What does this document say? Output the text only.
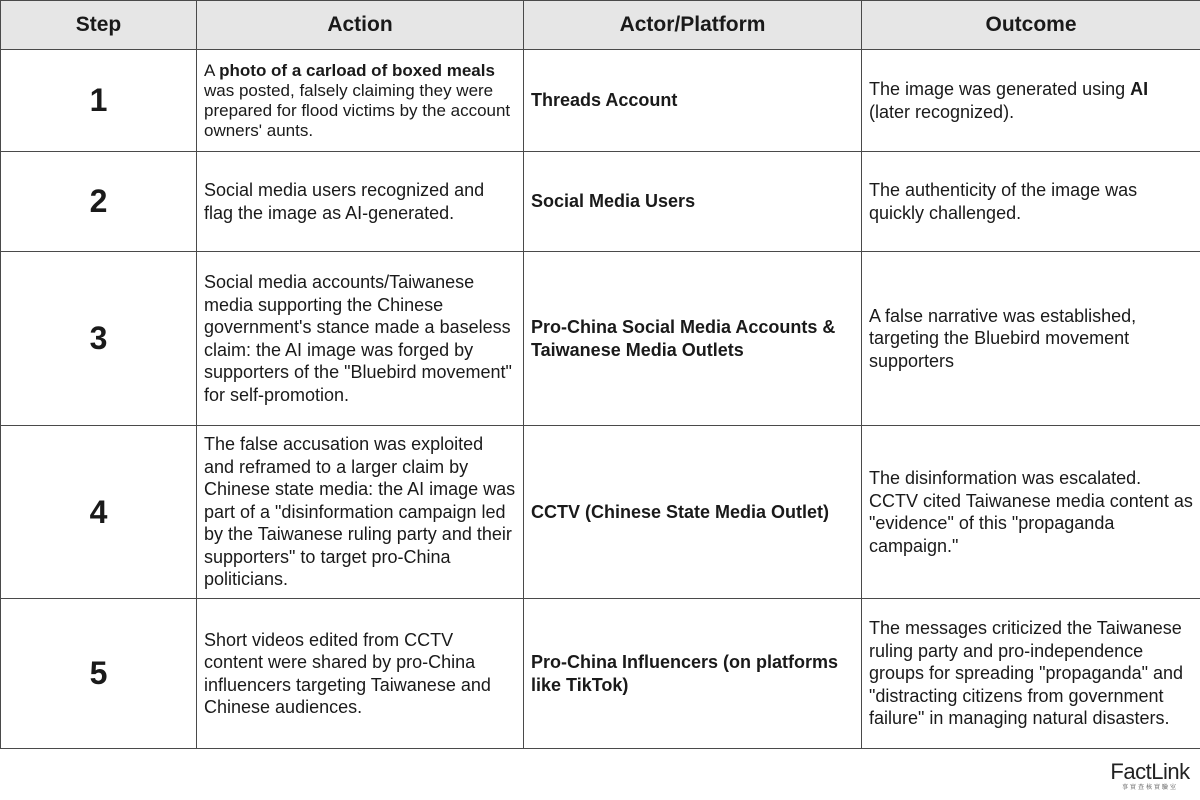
Step	Action	Actor/Platform	Outcome
1	A photo of a carload of boxed meals was posted, falsely claiming they were prepared for flood victims by the account owners' aunts.	Threads Account	The image was generated using AI (later recognized).
2	Social media users recognized and flag the image as AI-generated.	Social Media Users	The authenticity of the image was quickly challenged.
3	Social media accounts/Taiwanese media supporting the Chinese government's stance made a baseless claim: the AI image was forged by supporters of the "Bluebird movement" for self-promotion.	Pro-China Social Media Accounts & Taiwanese Media Outlets	A false narrative was established, targeting the Bluebird movement supporters
4	The false accusation was exploited and reframed to a larger claim by Chinese state media: the AI image was part of a "disinformation campaign led by the Taiwanese ruling party and their supporters" to target pro-China politicians.	CCTV (Chinese State Media Outlet)	The disinformation was escalated. CCTV cited Taiwanese media content as "evidence" of this "propaganda campaign."
5	Short videos edited from CCTV content were shared by pro-China influencers targeting Taiwanese and Chinese audiences.	Pro-China Influencers (on platforms like TikTok)	The messages criticized the Taiwanese ruling party and pro-independence groups for spreading "propaganda" and "distracting citizens from government failure" in managing natural disasters.
FactLink
事實查核實驗室
